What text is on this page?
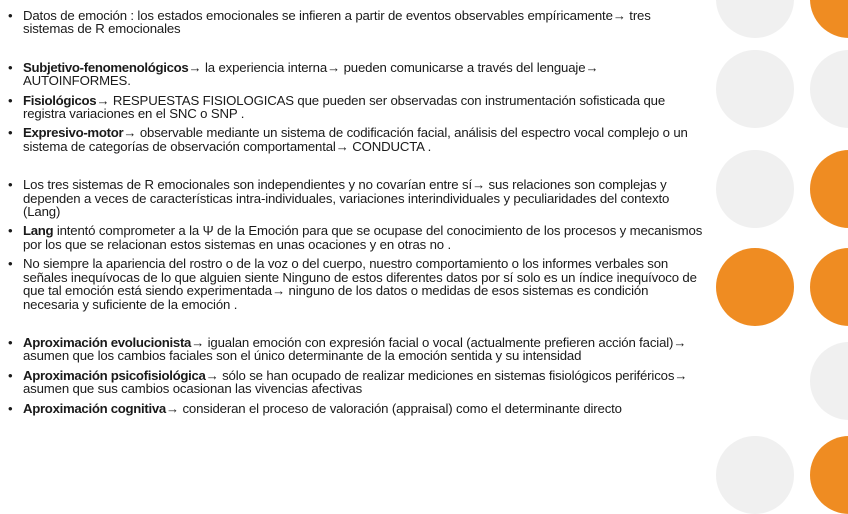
• Datos de emoción : los estados emocionales se infieren a partir de eventos observables empíricamente→ tres sistemas de R emocionales
• Subjetivo-fenomenológicos→ la experiencia interna→ pueden comunicarse a través del lenguaje→ AUTOINFORMES.
• Fisiológicos→ RESPUESTAS FISIOLOGICAS que pueden ser observadas con instrumentación sofisticada que registra variaciones en el SNC o SNP .
• Expresivo-motor→ observable mediante un sistema de codificación facial, análisis del espectro vocal complejo o un sistema de categorías de observación comportamental→ CONDUCTA .
• Los tres sistemas de R emocionales son independientes y no covarían entre sí→ sus relaciones son complejas y dependen a veces de características intra-individuales, variaciones interindividuales y peculiaridades del contexto (Lang)
• Lang intentó comprometer a la Ψ de la Emoción para que se ocupase del conocimiento de los procesos y mecanismos por los que se relacionan estos sistemas en unas ocaciones y en otras no .
• No siempre la apariencia del rostro o de la voz o del cuerpo, nuestro comportamiento o los informes verbales son señales inequívocas de lo que alguien siente Ninguno de estos diferentes datos por sí solo es un índice inequívoco de que tal emoción está siendo experimentada→ ninguno de los datos o medidas de esos sistemas es condición necesaria y suficiente de la emoción .
• Aproximación evolucionista→ igualan emoción con expresión facial o vocal (actualmente prefieren acción facial)→ asumen que los cambios faciales son el único determinante de la emoción sentida y su intensidad
• Aproximación psicofisiológica→ sólo se han ocupado de realizar mediciones en sistemas fisiológicos periféricos→ asumen que sus cambios ocasionan las vivencias afectivas
• Aproximación cognitiva→ consideran el proceso de valoración (appraisal) como el determinante directo
